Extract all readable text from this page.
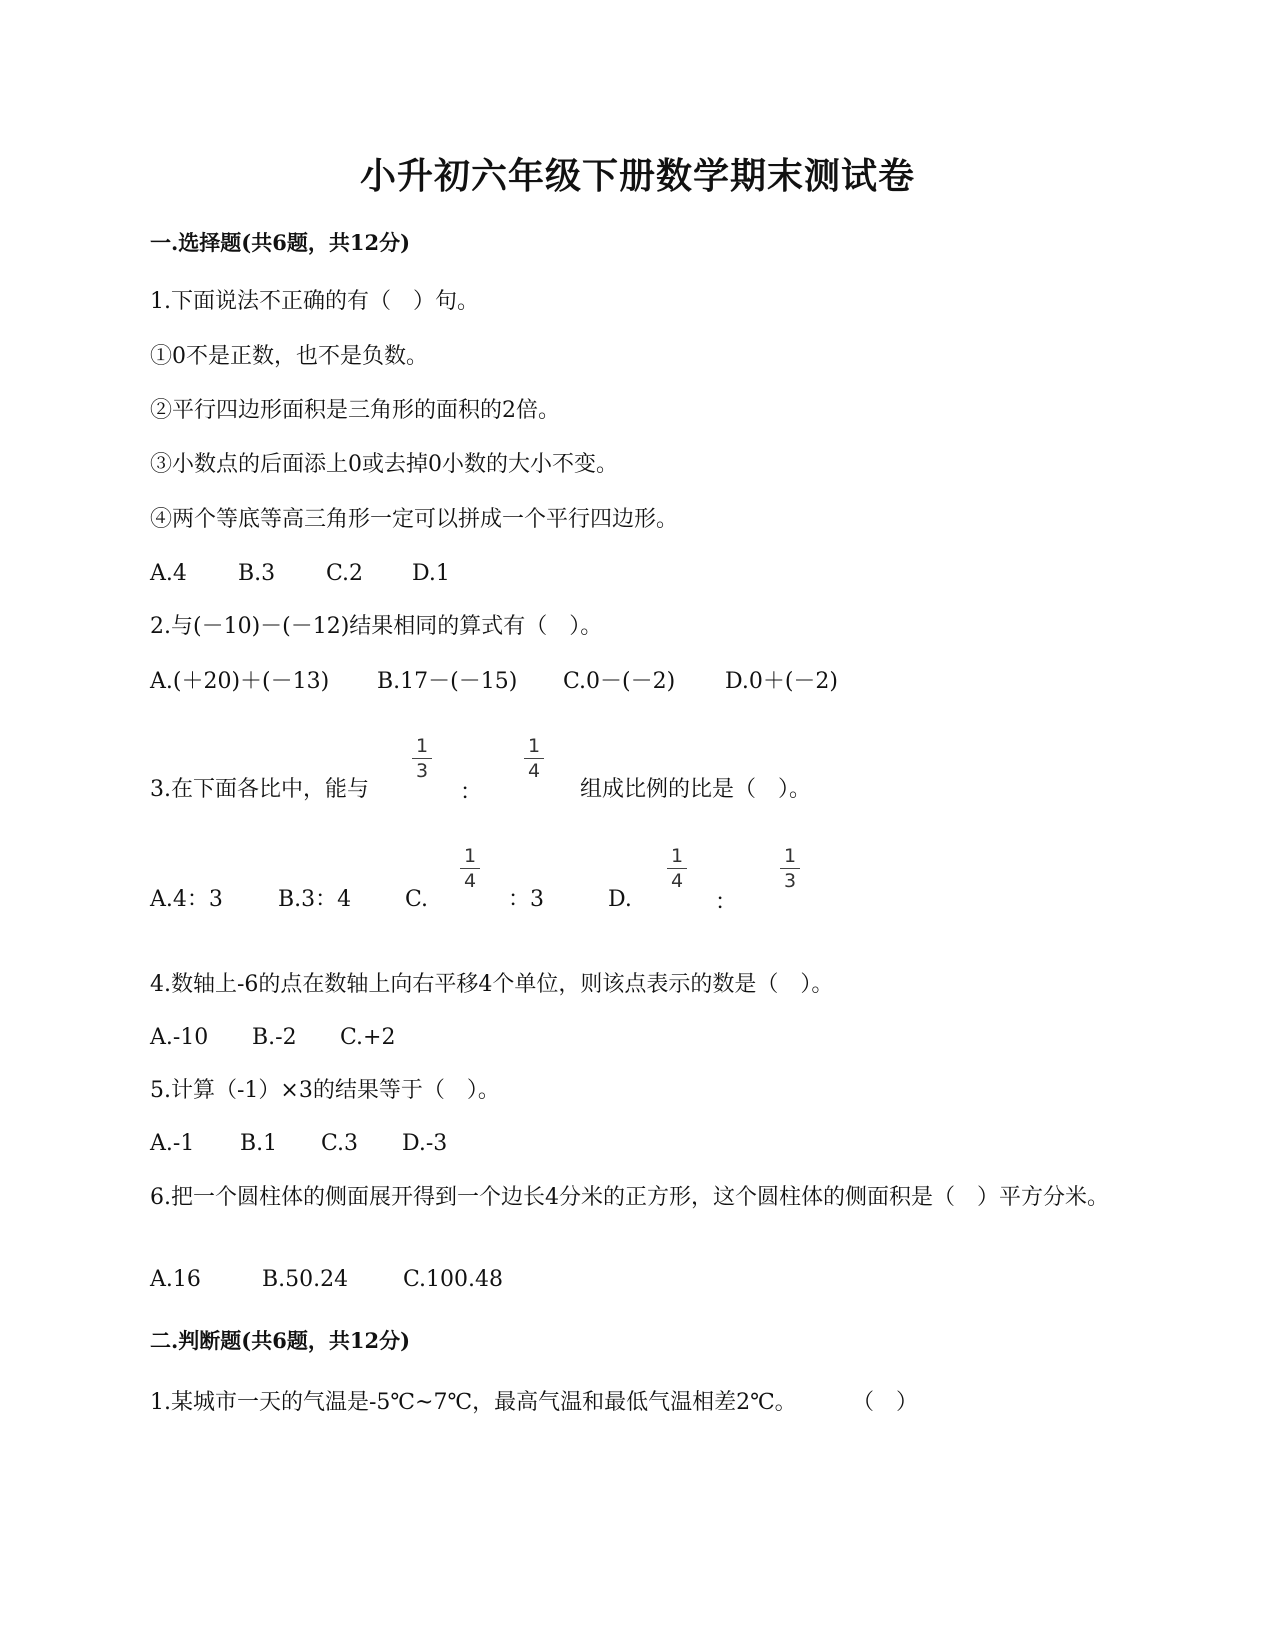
小升初六年级下册数学期末测试卷
一.选择题(共6题，共12分)
1.下面说法不正确的有（　）句。
①0不是正数，也不是负数。
②平行四边形面积是三角形的面积的2倍。
③小数点的后面添上0或去掉0小数的大小不变。
④两个等底等高三角形一定可以拼成一个平行四边形。
A.4 B.3 C.2 D.1
2.与(－10)－(－12)结果相同的算式有（　）。
A.(＋20)＋(－13) B.17－(－15) C.0－(－2) D.0＋(－2)
3.在下面各比中，能与
1
3
：
1
4
组成比例的比是（　）。
A.4：3	B.3：4 C.
1
4
：3	D.
1
4
：
1
3
4.数轴上-6的点在数轴上向右平移4个单位，则该点表示的数是（　）。
A.-10 B.-2 C.+2
5.计算（-1）×3的结果等于（　）。
A.-1 B.1 C.3 D.-3
6.把一个圆柱体的侧面展开得到一个边长4分米的正方形，这个圆柱体的侧面积是（　）平方分米。
A.16	B.50.24 C.100.48
二.判断题(共6题，共12分)
1.某城市一天的气温是-5℃~7℃，最高气温和最低气温相差2℃。	（　）
